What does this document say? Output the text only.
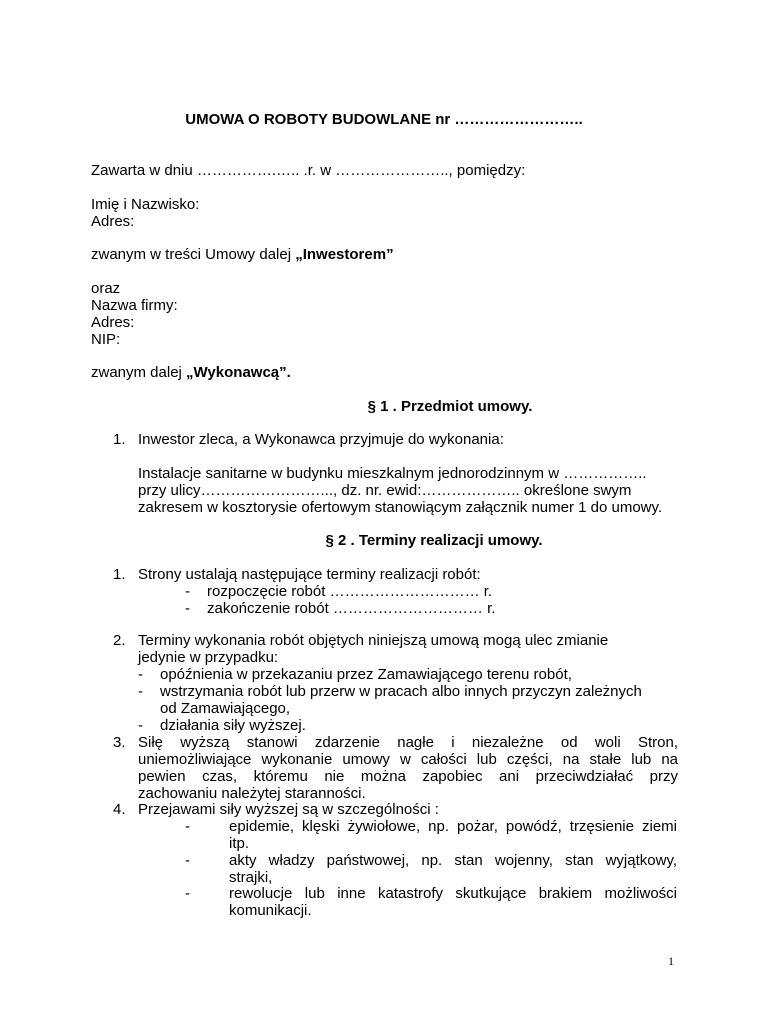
UMOWA O ROBOTY BUDOWLANE nr ……………………..
Zawarta w dniu …………….….. .r. w ………………….., pomiędzy:
Imię i Nazwisko:
Adres:
zwanym w treści Umowy dalej „Inwestorem”
oraz
Nazwa firmy:
Adres:
NIP:
zwanym dalej „Wykonawcą”.
§ 1 . Przedmiot umowy.
1. Inwestor zleca, a Wykonawca przyjmuje do wykonania:
Instalacje sanitarne w budynku mieszkalnym jednorodzinnym w ……………..
przy ulicy……………………..., dz. nr. ewid:……………….. określone swym
zakresem w kosztorysie ofertowym stanowiącym załącznik numer 1 do umowy.
§ 2 . Terminy realizacji umowy.
1. Strony ustalają następujące terminy realizacji robót:
- rozpoczęcie robót ………………………… r.
- zakończenie robót ………………………… r.
2. Terminy wykonania robót objętych niniejszą umową mogą ulec zmianie
jedynie w przypadku:
- opóźnienia w przekazaniu przez Zamawiającego terenu robót,
- wstrzymania robót lub przerw w pracach albo innych przyczyn zależnych
od Zamawiającego,
- działania siły wyższej.
3. Siłę wyższą stanowi zdarzenie nagłe i niezależne od woli Stron,
uniemożliwiające wykonanie umowy w całości lub części, na stałe lub na
pewien czas, któremu nie można zapobiec ani przeciwdziałać przy
zachowaniu należytej staranności.
4. Przejawami siły wyższej są w szczególności :
-	epidemie, klęski żywiołowe, np. pożar, powódź, trzęsienie ziemi
itp.
-	akty władzy państwowej, np. stan wojenny, stan wyjątkowy,
strajki,
-	rewolucje lub inne katastrofy skutkujące brakiem możliwości
komunikacji.
1
